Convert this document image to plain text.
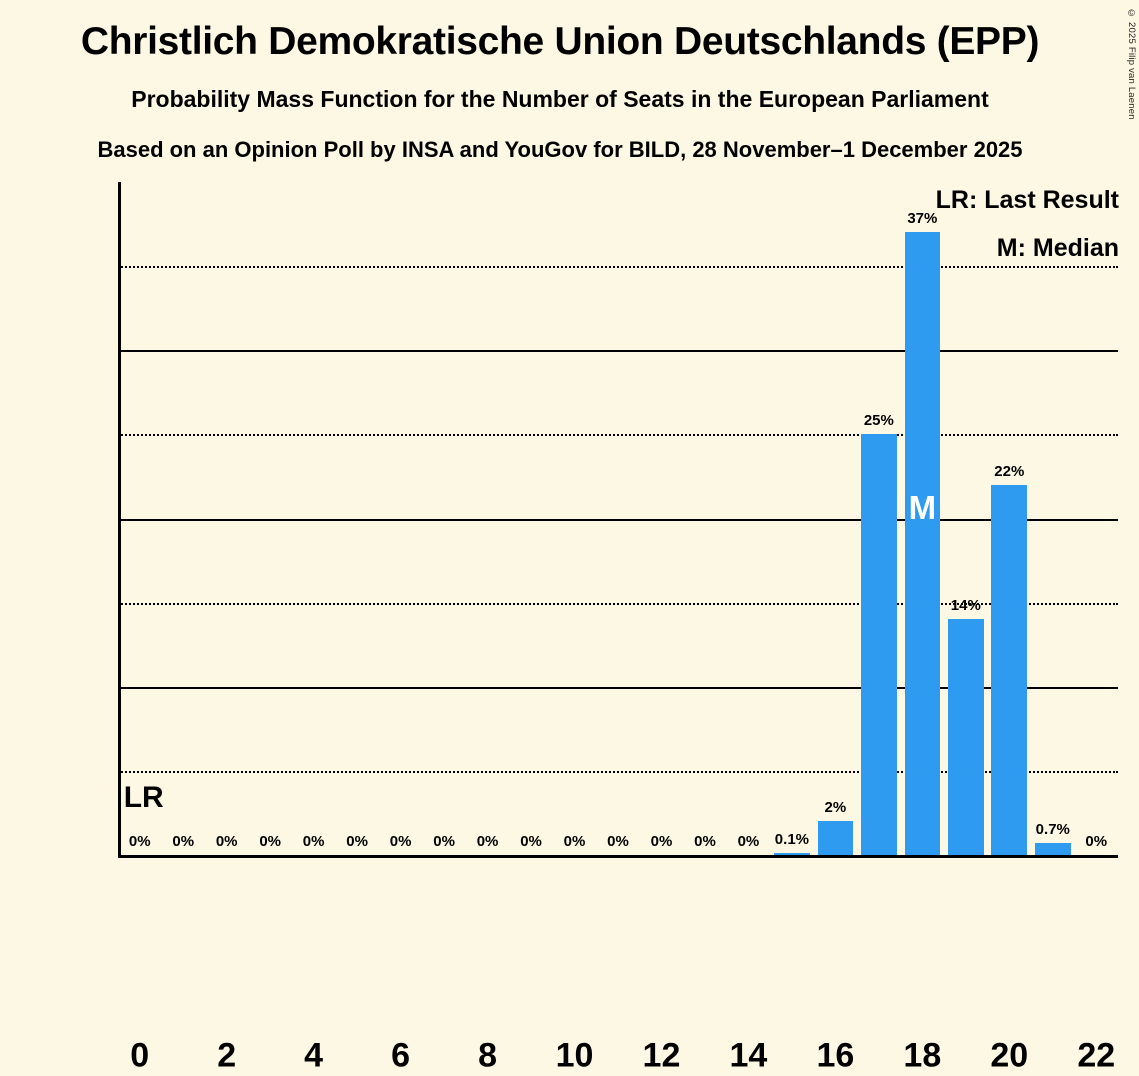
Christlich Demokratische Union Deutschlands (EPP)
Probability Mass Function for the Number of Seats in the European Parliament
Based on an Opinion Poll by INSA and YouGov for BILD, 28 November–1 December 2025
© 2025 Filip van Laenen
LR: Last Result
M: Median
0% 0% 0% 0% 0% 0% 0% 0% 0% 0% 0% 0% 0% 0% 0% 0.1%
2%
25%
37%
14%
22%
0.7%
0%
LR
M
0 2 4 6 8 10 12 14 16 18 20 22
